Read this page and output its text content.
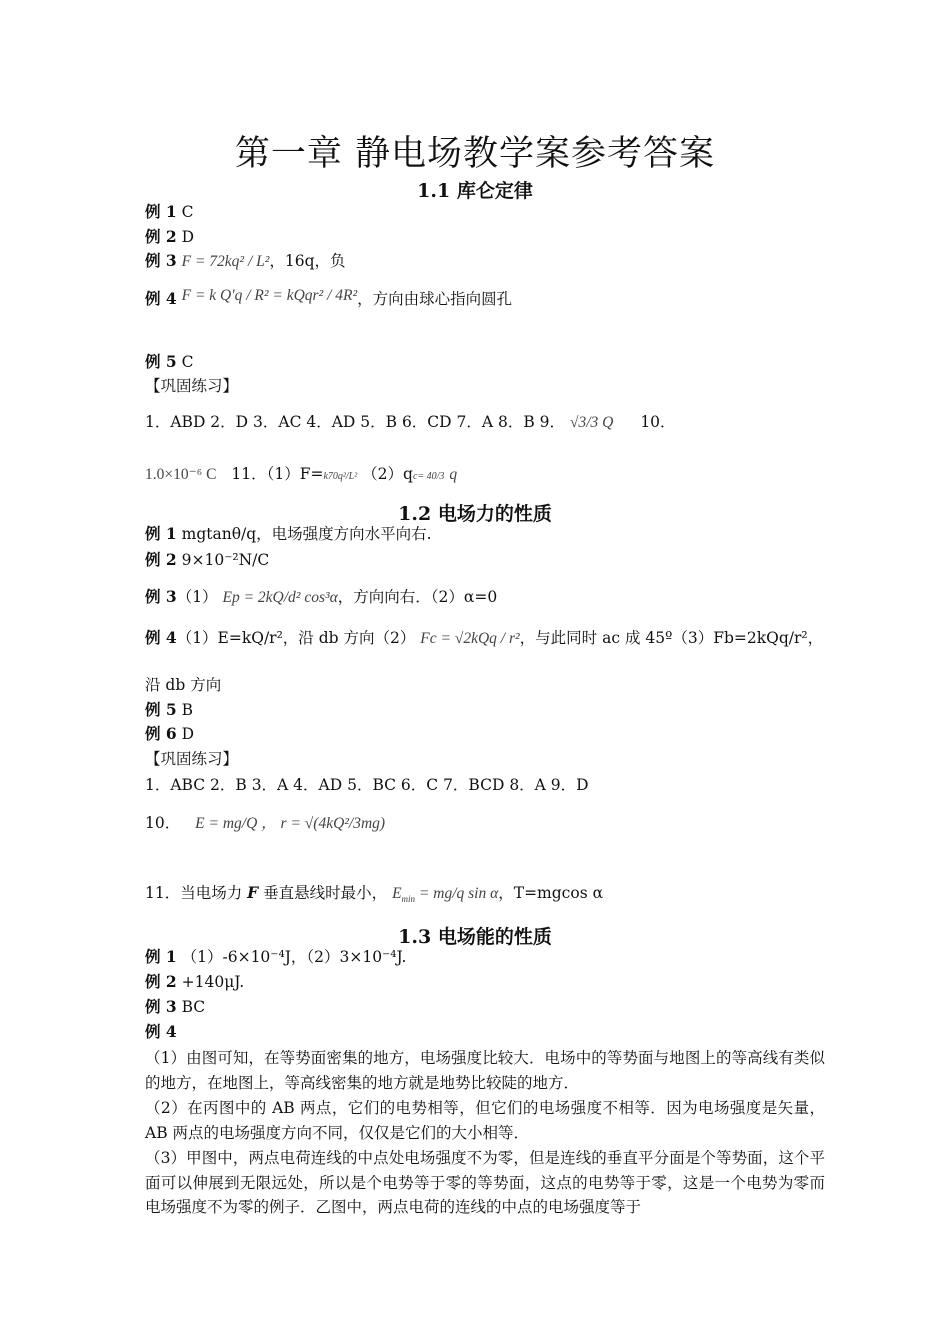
第一章 静电场教学案参考答案
1.1 库仑定律
例 1 C
例 2 D
例 3 F = 72kq² / L²，16q，负
例 4 F = k Q'q / R² = kQqr² / 4R²，方向由球心指向圆孔
例 5 C
【巩固练习】
1．ABD 2．D 3．AC 4．AD 5．B 6．CD 7．A 8．B 9． √3/3 Q 10．
1.0×10⁻⁶ C 11．（1）F=k70q²/L² （2）qc= 40/3 q
1.2 电场力的性质
例 1 mgtanθ/q，电场强度方向水平向右.
例 2 9×10⁻²N/C
例 3（1） Ep = 2kQ/d² cos³α，方向向右．（2）α=0
例 4（1）E=kQ/r²，沿 db 方向（2） Fc = √2kQq / r²，与此同时 ac 成 45º（3）Fb=2kQq/r²，
沿 db 方向
例 5 B
例 6 D
【巩固练习】
1．ABC 2．B 3．A 4．AD 5．BC 6．C 7．BCD 8．A 9．D
10． E = mg/Q ， r = √(4kQ²/3mg)
11．当电场力 F 垂直悬线时最小， $E_{min} = mg/q$ sin α，T=mgcos α
1.3 电场能的性质
例 1 （1）-6×10⁻⁴J，（2）3×10⁻⁴J.
例 2 +140μJ.
例 3 BC
例 4
（1）由图可知，在等势面密集的地方，电场强度比较大．电场中的等势面与地图上的等高线有类似的地方，在地图上，等高线密集的地方就是地势比较陡的地方．
（2）在丙图中的 AB 两点，它们的电势相等，但它们的电场强度不相等．因为电场强度是矢量，AB 两点的电场强度方向不同，仅仅是它们的大小相等．
（3）甲图中，两点电荷连线的中点处电场强度不为零，但是连线的垂直平分面是个等势面，这个平面可以伸展到无限远处，所以是个电势等于零的等势面，这点的电势等于零，这是一个电势为零而电场强度不为零的例子．乙图中，两点电荷的连线的中点的电场强度等于
